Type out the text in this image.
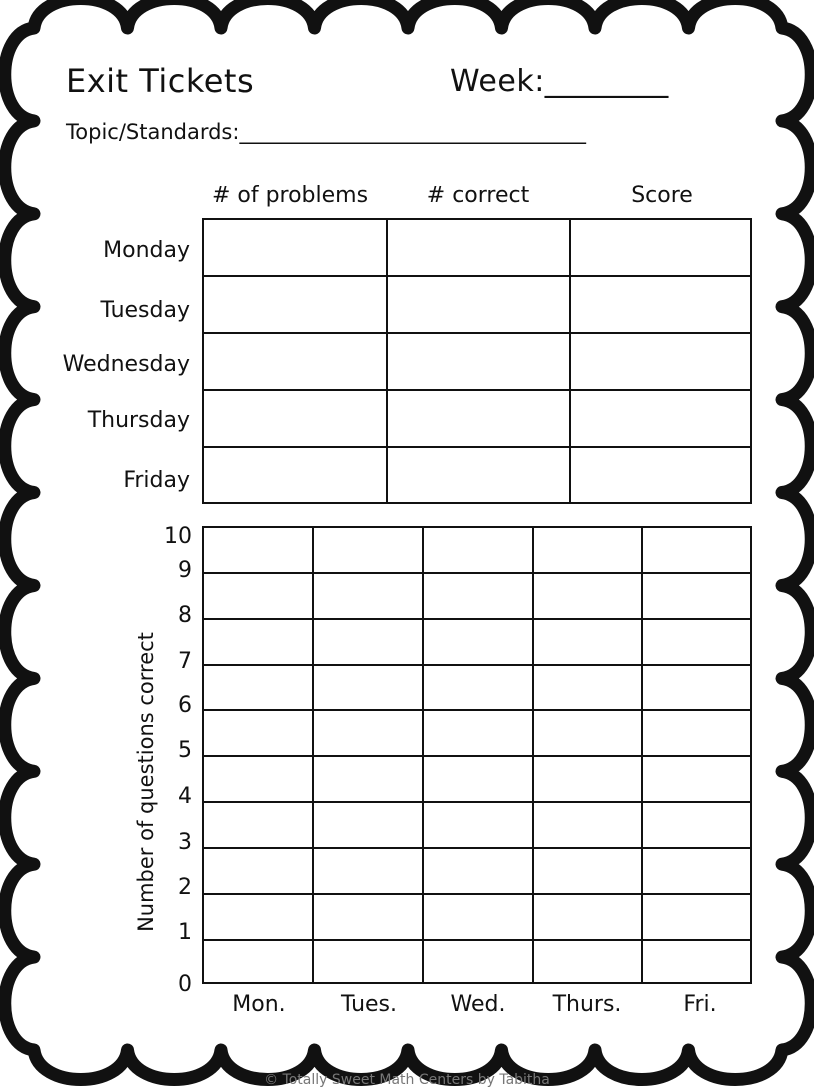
Exit Tickets	Week:________
Topic/Standards:_________________________________
# of problems	# correct	Score
Monday
Tuesday
Wednesday
Thursday
Friday
10
9
8
7
6
5
4
3
2
1
0
Number of questions correct
Mon.	Tues.	Wed.	Thurs.	Fri.
© Totally Sweet Math Centers by Tabitha
